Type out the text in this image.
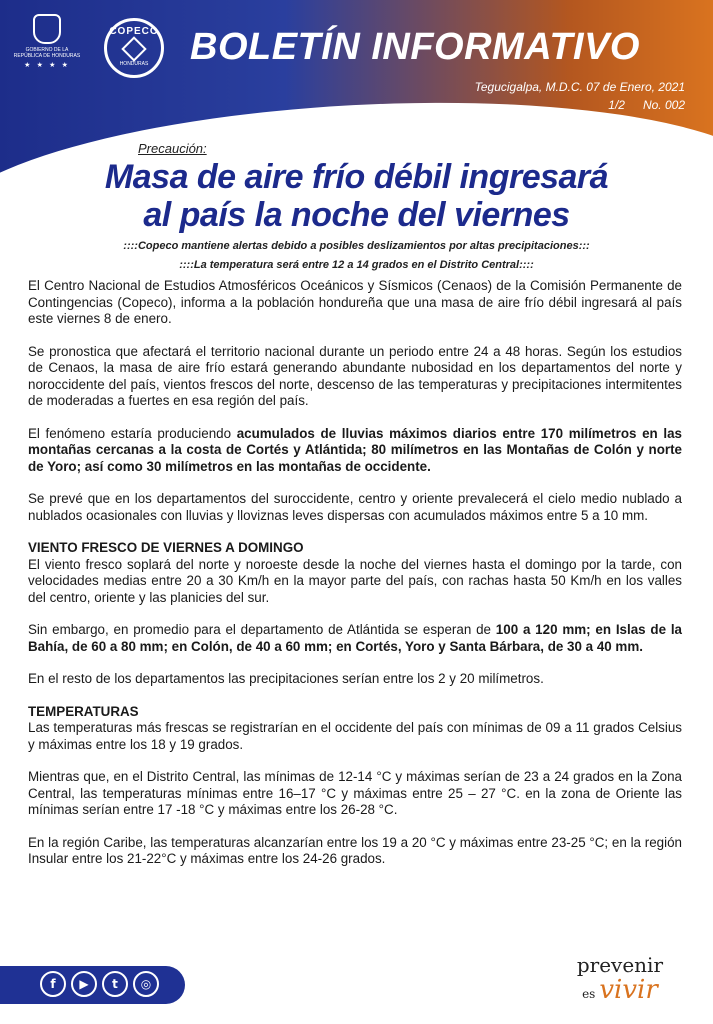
GOBIERNO DE LA REPÚBLICA DE HONDURAS
★ ★ ★ ★
COPECO
HONDURAS	BOLETÍN INFORMATIVO
Tegucigalpa, M.D.C. 07 de Enero, 2021
1/2 No. 002
Precaución:
Masa de aire frío débil ingresará
al país la noche del viernes
::::Copeco mantiene alertas debido a posibles deslizamientos por altas precipitaciones:::
::::La temperatura será entre 12 a 14 grados en el Distrito Central::::

El Centro Nacional de Estudios Atmosféricos Oceánicos y Sísmicos (Cenaos) de la Comisión Permanente de Contingencias (Copeco), informa a la población hondureña que una masa de aire frío débil ingresará al país este viernes 8 de enero.

Se pronostica que afectará el territorio nacional durante un periodo entre 24 a 48 horas. Según los estudios de Cenaos, la masa de aire frío estará generando abundante nubosidad en los departamentos del norte y noroccidente del país, vientos frescos del norte, descenso de las temperaturas y precipitaciones intermitentes de moderadas a fuertes en esa región del país.

El fenómeno estaría produciendo acumulados de lluvias máximos diarios entre 170 milímetros en las montañas cercanas a la costa de Cortés y Atlántida; 80 milímetros en las Montañas de Colón y norte de Yoro; así como 30 milímetros en las montañas de occidente.

Se prevé que en los departamentos del suroccidente, centro y oriente prevalecerá el cielo medio nublado a nublados ocasionales con lluvias y lloviznas leves dispersas con acumulados máximos entre 5 a 10 mm.

VIENTO FRESCO DE VIERNES A DOMINGO

El viento fresco soplará del norte y noroeste desde la noche del viernes hasta el domingo por la tarde, con velocidades medias entre 20 a 30 Km/h en la mayor parte del país, con rachas hasta 50 Km/h en los valles del centro, oriente y las planicies del sur.

Sin embargo, en promedio para el departamento de Atlántida se esperan de 100 a 120 mm; en Islas de la Bahía, de 60 a 80 mm; en Colón, de 40 a 60 mm; en Cortés, Yoro y Santa Bárbara, de 30 a 40 mm.

En el resto de los departamentos las precipitaciones serían entre los 2 y 20 milímetros.

TEMPERATURAS

Las temperaturas más frescas se registrarían en el occidente del país con mínimas de 09 a 11 grados Celsius y máximas entre los 18 y 19 grados.

Mientras que, en el Distrito Central, las mínimas de 12-14 °C y máximas serían de 23 a 24 grados en la Zona Central, las temperaturas mínimas entre 16–17 °C y máximas entre 25 – 27 °C. en la zona de Oriente las mínimas serían entre 17 -18 °C y máximas entre los 26-28 °C.

En la región Caribe, las temperaturas alcanzarían entre los 19 a 20 °C y máximas entre 23-25 °C; en la región Insular entre los 21-22°C y máximas entre los 24-26 grados.

f	▶	t	◎
prevenir
es vivir
